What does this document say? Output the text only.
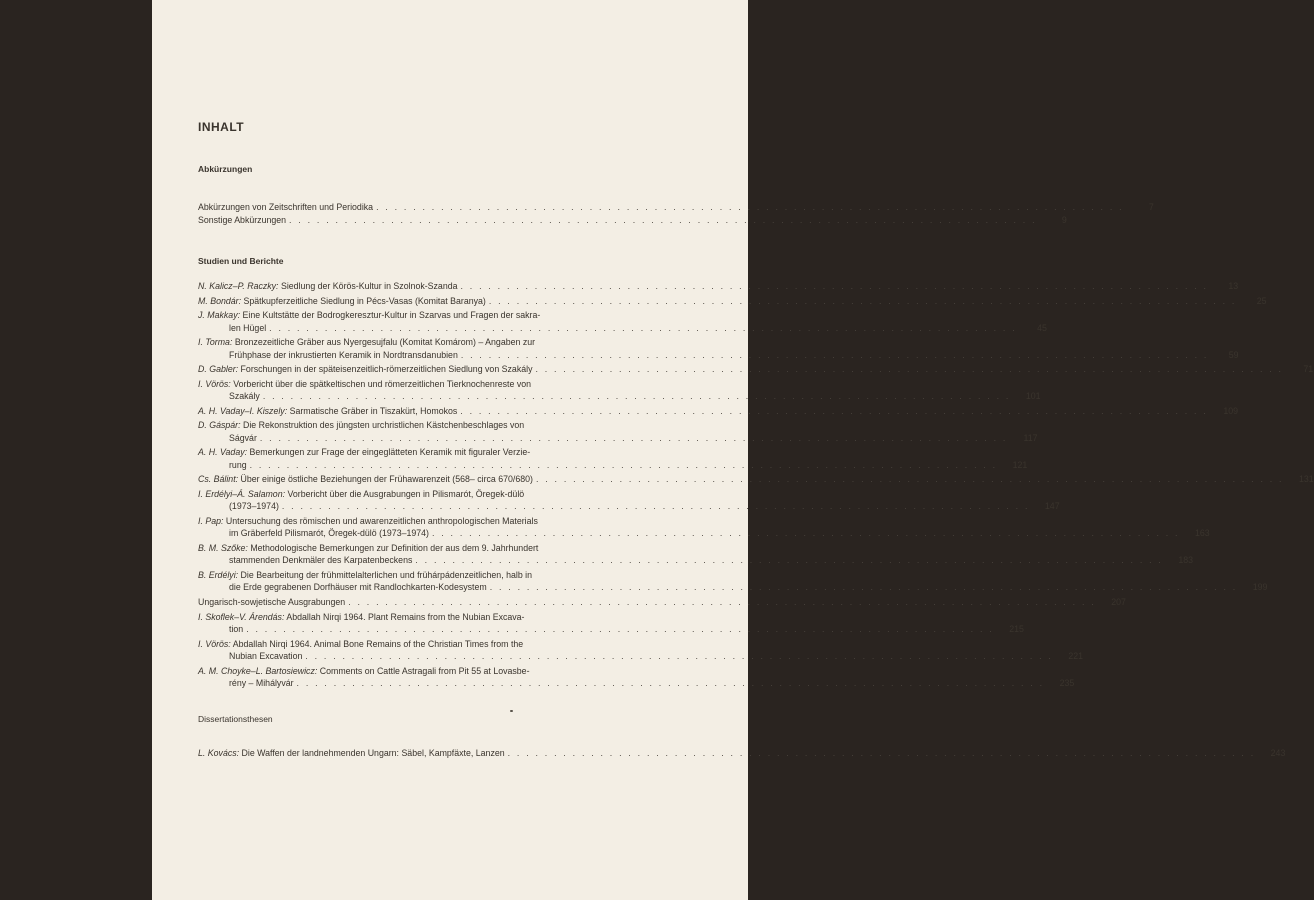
INHALT
Abkürzungen
Abkürzungen von Zeitschriften und Periodika . . .	7
Sonstige Abkürzungen . . .	9
Studien und Berichte
N. Kalicz–P. Raczky: Siedlung der Körös-Kultur in Szolnok-Szanda . . .	13
M. Bondár: Spätkupferzeitliche Siedlung in Pécs-Vasas (Komitat Baranya) . . .	25
J. Makkay: Eine Kultstätte der Bodrogkeresztur-Kultur in Szarvas und Fragen der sakra-
len Hügel . . .	45
I. Torma: Bronzezeitliche Gräber aus Nyergesujfalu (Komitat Komárom) – Angaben zur
Frühphase der inkrustierten Keramik in Nordtransdanubien . . .	59
D. Gabler: Forschungen in der späteisenzeitlich-römerzeitlichen Siedlung von Szakály . . .	71
I. Vörös: Vorbericht über die spätkeltischen und römerzeitlichen Tierknochenreste von
Szakály . . .	101
A. H. Vaday–I. Kiszely: Sarmatische Gräber in Tiszakürt, Homokos . . .	109
D. Gáspár: Die Rekonstruktion des jüngsten urchristlichen Kästchenbeschlages von
Ságvár . . .	117
A. H. Vaday: Bemerkungen zur Frage der eingeglätteten Keramik mit figuraler Verzie-
rung . . .	121
Cs. Bálint: Über einige östliche Beziehungen der Frühawarenzeit (568– circa 670/680) . . .	131
I. Erdélyi–Á. Salamon: Vorbericht über die Ausgrabungen in Pilismarót, Öregek-dülö
(1973–1974) . . .	147
I. Pap: Untersuchung des römischen und awarenzeitlichen anthropologischen Materials
im Gräberfeld Pilismarót, Öregek-dülö (1973–1974) . . .	163
B. M. Szőke: Methodologische Bemerkungen zur Definition der aus dem 9. Jahrhundert
stammenden Denkmäler des Karpatenbeckens . . .	183
B. Erdélyi: Die Bearbeitung der frühmittelalterlichen und frühárpádenzeitlichen, halb in
die Erde gegrabenen Dorfhäuser mit Randlochkarten-Kodesystem . . .	199
Ungarisch-sowjetische Ausgrabungen . . .	207
I. Skoflek–V. Árendás: Abdallah Nirqi 1964. Plant Remains from the Nubian Excava-
tion . . .	215
I. Vörös: Abdallah Nirqi 1964. Animal Bone Remains of the Christian Times from the
Nubian Excavation . . .	221
A. M. Choyke–L. Bartosiewicz: Comments on Cattle Astragali from Pit 55 at Lovasbe-
rény – Mihályvár . . .	235
Dissertationsthesen
L. Kovács: Die Waffen der landnehmenden Ungarn: Säbel, Kampfäxte, Lanzen . . .	243
